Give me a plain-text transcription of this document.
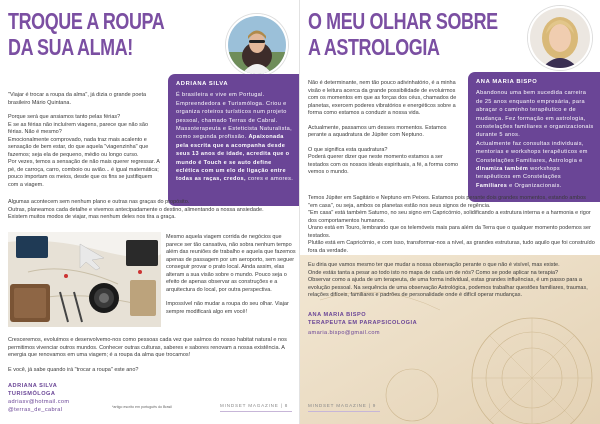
TROQUE A ROUPA
DA SUA ALMA!
ADRIANA SILVA

É brasileira e vive em Portugal. Empreendedora e Turismóloga. Criou e organiza roteiros turísticos num projeto pessoal, chamado Terras de Cabral. Massoterapeuta e Esteticista Naturalista, como segunda profissão. Apaixonada pela escrita que a acompanha desde seus 13 anos de idade, acredita que o mundo é Touch e se auto define eclética com um elo de ligação entre todas as raças, credos, cores e amores.

"Viajar é trocar a roupa da alma", já dizia o grande poeta brasileiro Mário Quintana.

Porque será que ansiamos tanto pelas férias?
E se as férias não incluírem viagens, parece que não são férias. Não é mesmo?
Emocionalmente comprovado, nada traz mais acalento e sensação de bem estar, do que aquela "viagenzinha" que fazemos; seja ela de pequeno, médio ou longo curso.
Por vezes, temos a sensação de não mais querer regressar. A pé, de carroça, carro, comboio ou avião... é igual matemática; pouco importam os meios, desde que os fins se justifiquem com a viagem.

Algumas acontecem sem nenhum plano e outras nas graças do propósito.
Outras, planeamos cada detalhe e vivemos antecipadamente o destino, alimentando a nossa ansiedade.
Existem muitos modos de viajar, mas nenhum deles nos tira a graça.

Mesmo aquela viagem corrida de negócios que parece ser tão cansativa, não sobra nenhum tempo além das reuniões de trabalho e aquela que fazemos apenas de passagem por um aeroporto, sem seguer conseguir provar o prato local. Ainda assim, elas alteram a sua visão sobre o mundo. Pouco seja o efeito de apenas observar as construções e a arquitectura do local, por outra perspectiva.

Impossível não mudar a roupa do seu olhar. Viajar sempre modificará algo em você!

Cresceremos, evoluímos e desenvolvemo-nos como pessoas cada vez que saímos do nosso habitat natural e nos permitimos vivenciar outros mundos. Conhecer outras culturas, saberes e sabores renovam a nossa existência. A energia que renovamos em uma viagem; é a roupa da alma que trocamos!

E você, já sabe quando irá "trocar a roupa" este ano?

ADRIANA SILVA
TURISMÓLOGA
adriasv@hotmail.com
@terras_de_cabral	*artigo escrito em português do Brasil	MINDSET MAGAZINE | 8
O MEU OLHAR SOBRE
A ASTROLOGIA
ANA MARIA BISPO

Abandonou uma bem sucedida carreira de 25 anos enquanto empresária, para abraçar o caminho terapêutico e de mudança. Fez formação em astrologia, constelações familiares e organizacionais durante 5 anos.
Actualmente faz consultas individuais, mentorias e workshops terapêuticos em Constelações Familiares, Astrologia e dinamiza também workshops terapêuticos em Constelações Familiares e Organizacionais.

Não é determinante, nem tão pouco adivinhatório, é a minha visão e leitura acerca da grande possibilidade de evoluirmos com os momentos em que as forças dos céus, chamados de planetas, exercem poderes vibratórios e energéticos sobre a forma como estamos a conduzir a nossa vida.

Actualmente, passamos um desses momentos. Estamos perante a aquadratura de Júpiter com Neptuno.

O que significa esta quadratura?
Poderá querer dizer que neste momento estamos a ser testados com os nossos ideais espirituais, a fé, a forma como vemos o mundo.

Temos Júpiter em Sagitário e Neptuno em Peixes. Estamos pois perante dois grandes momentos, estando ambos "em casa", ou seja, ambos os planetas estão nos seus signos de regência.
"Em casa" está também Saturno, no seu signo em Capricórnio, solidificando a estrutura interna e a harmonia e rigor dos comportamentos humanos.
Urano está em Touro, lembrando que os telemóveis mais para além da Terra que o qualquer momento podemos ser testados.
Plutão está em Capricórnio, e com isso, transformar-nos a nível, as grandes estruturas, tudo aquilo que foi construído fora da verdade.

Eu diria que vamos mesmo ter que mudar a nossa observação perante o que não é visível, mas existe.
Onde estás tanta a pesar ao todo isto no mapa de cada um de nós? Como se pode aplicar na terapia?
Observar como a ajuda de um terapeuta, de uma forma individual, estas grandes influências, é um passo para a evolução pessoal. Na sequência de uma observação Astrológica, podemos trabalhar questões familiares, traumas, relações difíceis, familiares e padrões de personalidade onde é difícil operar mudanças.

ANA MARIA BISPO
TERAPEUTA EM PARAPSICOLOGIA
amaria.bispo@gmail.com
MINDSET MAGAZINE | 9
